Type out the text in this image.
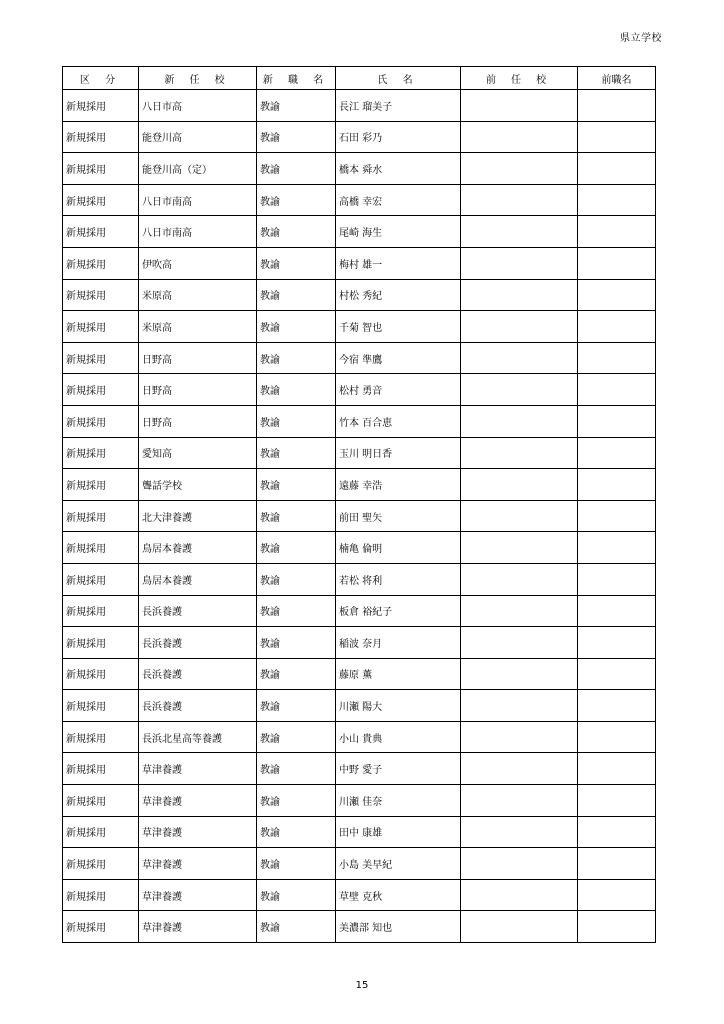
県立学校
区 分	新 任 校	新 職 名	氏 名	前 任 校	前職名
新規採用	八日市高	教諭	長江 瑠美子		
新規採用	能登川高	教諭	石田 彩乃		
新規採用	能登川高（定）	教諭	橋本 舜水		
新規採用	八日市南高	教諭	高橋 幸宏		
新規採用	八日市南高	教諭	尾崎 海生		
新規採用	伊吹高	教諭	梅村 雄一		
新規採用	米原高	教諭	村松 秀紀		
新規採用	米原高	教諭	千菊 智也		
新規採用	日野高	教諭	今宿 準鷹		
新規採用	日野高	教諭	松村 勇音		
新規採用	日野高	教諭	竹本 百合恵		
新規採用	愛知高	教諭	玉川 明日香		
新規採用	聾話学校	教諭	遠藤 幸浩		
新規採用	北大津養護	教諭	前田 聖矢		
新規採用	鳥居本養護	教諭	楠亀 倫明		
新規採用	鳥居本養護	教諭	若松 将利		
新規採用	長浜養護	教諭	板倉 裕紀子		
新規採用	長浜養護	教諭	稲波 奈月		
新規採用	長浜養護	教諭	藤原 薫		
新規採用	長浜養護	教諭	川瀬 陽大		
新規採用	長浜北星高等養護	教諭	小山 貴典		
新規採用	草津養護	教諭	中野 愛子		
新規採用	草津養護	教諭	川瀬 佳奈		
新規採用	草津養護	教諭	田中 康雄		
新規採用	草津養護	教諭	小島 美早紀		
新規採用	草津養護	教諭	草壁 克秋		
新規採用	草津養護	教諭	美濃部 知也		
15
